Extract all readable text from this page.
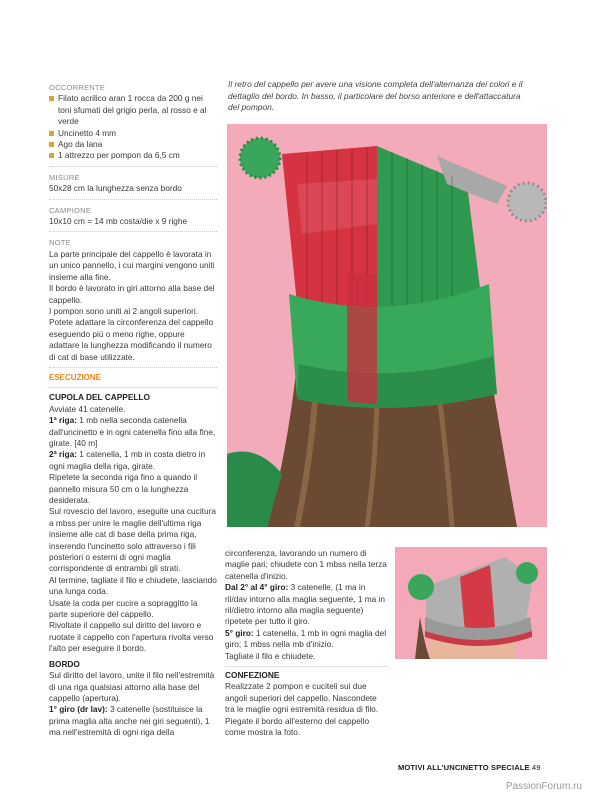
Il retro del cappello per avere una visione completa dell'alternanza dei colori e il dettaglio del bordo. In basso, il particolare del borso anteriore e dell'attaccatura del pompon.
OCCORRENTE
Filato acrilico aran 1 rocca da 200 g nei toni sfumati del grigio perla, al rosso e al verde
Uncinetto 4 mm
Ago da lana
1 attrezzo per pompon da 6,5 cm
MISURE

50x28 cm la lunghezza senza bordo

CAMPIONE

10x10 cm = 14 mb costa/die x 9 righe

NOTE

La parte principale del cappello è lavorata in un unico pannello, i cui margini vengono uniti insieme alla fine.

Il bordo è lavorato in giri attorno alla base del cappello.

I pompon sono uniti ai 2 angoli superiori. Potete adattare la circonferenza del cappello eseguendo più o meno righe, oppure adattare la lunghezza modificando il numero di cat di base utilizzate.

ESECUZIONE
CUPOLA DEL CAPPELLO

Avviate 41 catenelle.

1ª riga: 1 mb nella seconda catenella dall'uncinetto e in ogni catenella fino alla fine, girate. [40 m]

2ª riga: 1 catenella, 1 mb in costa dietro in ogni maglia della riga, girate.

Ripetete la seconda riga fino a quando il pannello misura 50 cm o la lunghezza desiderata.

Sul rovescio del lavoro, eseguite una cucitura a mbss per unire le maglie dell'ultima riga insieme alle cat di base della prima riga, inserendo l'uncinetto solo attraverso i fili posteriori o esterni di ogni maglia corrispondente di entrambi gli strati.

Al termine, tagliate il filo e chiudete, lasciando una lunga coda.

Usate la coda per cucire a sopraggitto la parte superiore del cappello.

Rivoltate il cappello sul diritto del lavoro e ruotate il cappello con l'apertura rivolta verso l'alto per eseguire il bordo.

BORDO

Sul diritto del lavoro, unite il filo nell'estremità di una riga qualsiasi attorno alla base del cappello (apertura).

1° giro (dr lav): 3 catenelle (sostituisce la prima maglia alta anche nei giri seguenti), 1 ma nell'estremità di ogni riga della

circonferenza, lavorando un numero di maglie pari; chiudete con 1 mbss nella terza catenella d'inizio.

Dal 2° al 4° giro: 3 catenelle, (1 ma in ril/dav intorno alla maglia seguente, 1 ma in ril/dietro intorno alla maglia seguente) ripetete per tutto il giro.

5° giro: 1 catenella, 1 mb in ogni maglia del giro; 1 mbss nella mb d'inizio.

Tagliate il filo e chiudete.

CONFEZIONE

Realizzate 2 pompon e cuciteli sui due angoli superiori del cappello. Nascondete tra le maglie ogni estremità residua di filo. Piegate il bordo all'esterno del cappello come mostra la foto.

MOTIVI ALL'UNCINETTO SPECIALE 49
PassionForum.ru
